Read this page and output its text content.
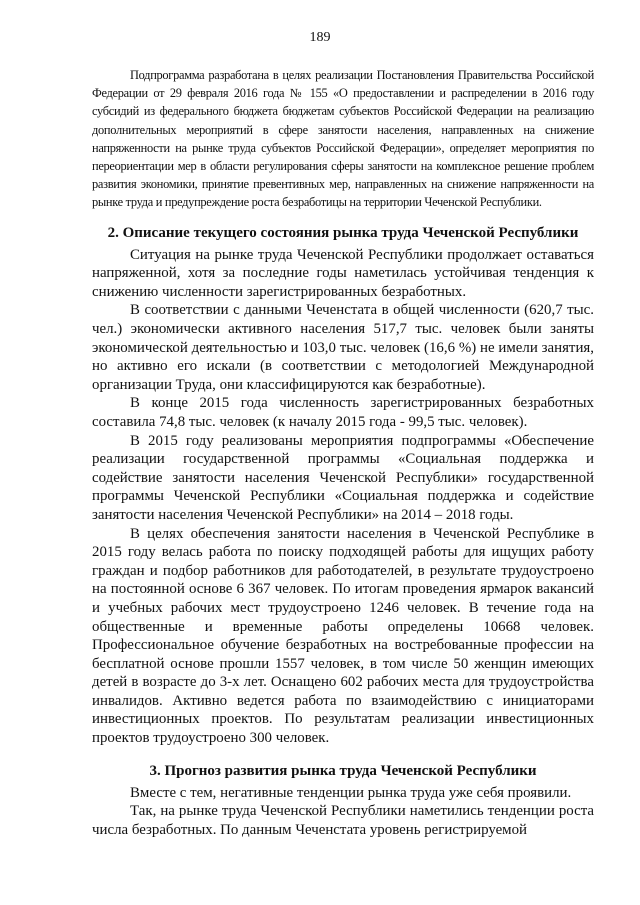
189

Подпрограмма разработана в целях реализации Постановления Правительства Российской Федерации от 29 февраля 2016 года № 155 «О предоставлении и распределении в 2016 году субсидий из федерального бюджета бюджетам субъектов Российской Федерации на реализацию дополнительных мероприятий в сфере занятости населения, направленных на снижение напряженности на рынке труда субъектов Российской Федерации», определяет мероприятия по переориентации мер в области регулирования сферы занятости на комплексное решение проблем развития экономики, принятие превентивных мер, направленных на снижение напряженности на рынке труда и предупреждение роста безработицы на территории Чеченской Республики.

2. Описание текущего состояния рынка труда Чеченской Республики

Ситуация на рынке труда Чеченской Республики продолжает оставаться напряженной, хотя за последние годы наметилась устойчивая тенденция к снижению численности зарегистрированных безработных.

В соответствии с данными Чеченстата в общей численности (620,7 тыс. чел.) экономически активного населения 517,7 тыс. человек были заняты экономической деятельностью и 103,0 тыс. человек (16,6 %) не имели занятия, но активно его искали (в соответствии с методологией Международной организации Труда, они классифицируются как безработные).

В конце 2015 года численность зарегистрированных безработных составила 74,8 тыс. человек (к началу 2015 года - 99,5 тыс. человек).

В 2015 году реализованы мероприятия подпрограммы «Обеспечение реализации государственной программы «Социальная поддержка и содействие занятости населения Чеченской Республики» государственной программы Чеченской Республики «Социальная поддержка и содействие занятости населения Чеченской Республики» на 2014 – 2018 годы.

В целях обеспечения занятости населения в Чеченской Республике в 2015 году велась работа по поиску подходящей работы для ищущих работу граждан и подбор работников для работодателей, в результате трудоустроено на постоянной основе 6 367 человек. По итогам проведения ярмарок вакансий и учебных рабочих мест трудоустроено 1246 человек. В течение года на общественные и временные работы определены 10668 человек. Профессиональное обучение безработных на востребованные профессии на бесплатной основе прошли 1557 человек, в том числе 50 женщин имеющих детей в возрасте до 3-х лет. Оснащено 602 рабочих места для трудоустройства инвалидов. Активно ведется работа по взаимодействию с инициаторами инвестиционных проектов. По результатам реализации инвестиционных проектов трудоустроено 300 человек.

3. Прогноз развития рынка труда Чеченской Республики

Вместе с тем, негативные тенденции рынка труда уже себя проявили.

Так, на рынке труда Чеченской Республики наметились тенденции роста числа безработных. По данным Чеченстата уровень регистрируемой
